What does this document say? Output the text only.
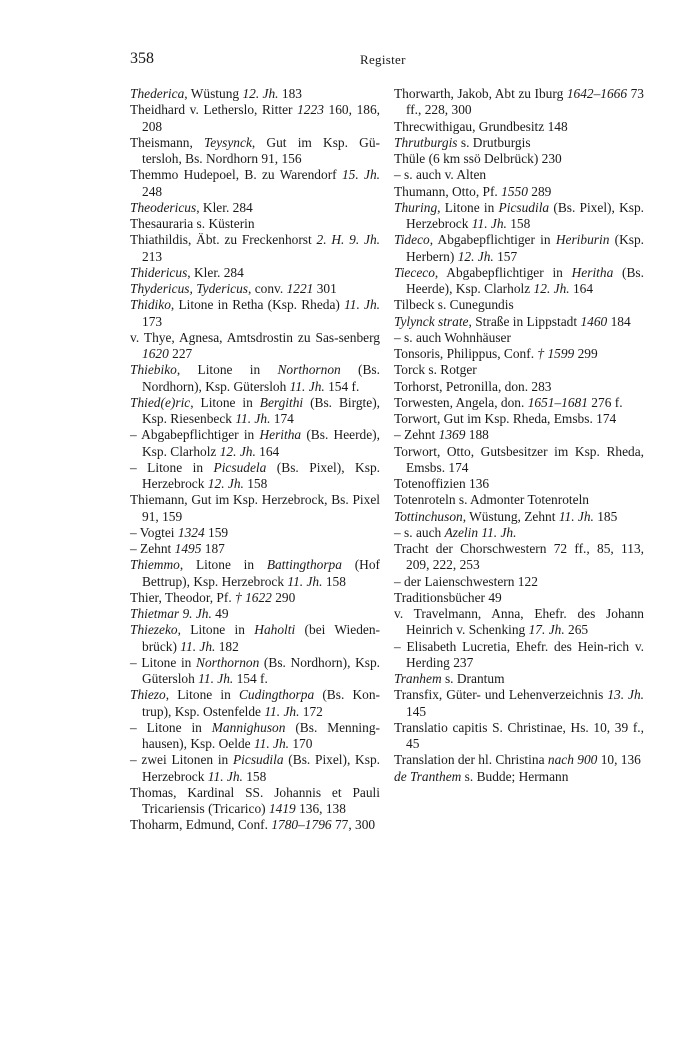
358	Register
Thederica, Wüstung 12. Jh. 183
Theidhard v. Letherslo, Ritter 1223 160, 186, 208
Theismann, Teysynck, Gut im Ksp. Gü-tersloh, Bs. Nordhorn 91, 156
Themmo Hudepoel, B. zu Warendorf 15. Jh. 248
Theodericus, Kler. 284
Thesauraria s. Küsterin
Thiathildis, Äbt. zu Freckenhorst 2. H. 9. Jh. 213
Thidericus, Kler. 284
Thydericus, Tydericus, conv. 1221 301
Thidiko, Litone in Retha (Ksp. Rheda) 11. Jh. 173
v. Thye, Agnesa, Amtsdrostin zu Sas-senberg 1620 227
Thiebiko, Litone in Northornon (Bs. Nordhorn), Ksp. Gütersloh 11. Jh. 154 f.
Thied(e)ric, Litone in Bergithi (Bs. Birgte), Ksp. Riesenbeck 11. Jh. 174
– Abgabepflichtiger in Heritha (Bs. Heerde), Ksp. Clarholz 12. Jh. 164
– Litone in Picsudela (Bs. Pixel), Ksp. Herzebrock 12. Jh. 158
Thiemann, Gut im Ksp. Herzebrock, Bs. Pixel 91, 159
– Vogtei 1324 159
– Zehnt 1495 187
Thiemmo, Litone in Battingthorpa (Hof Bettrup), Ksp. Herzebrock 11. Jh. 158
Thier, Theodor, Pf. † 1622 290
Thietmar 9. Jh. 49
Thiezeko, Litone in Haholti (bei Wieden-brück) 11. Jh. 182
– Litone in Northornon (Bs. Nordhorn), Ksp. Gütersloh 11. Jh. 154 f.
Thiezo, Litone in Cudingthorpa (Bs. Kon-trup), Ksp. Ostenfelde 11. Jh. 172
– Litone in Mannighuson (Bs. Menning-hausen), Ksp. Oelde 11. Jh. 170
– zwei Litonen in Picsudila (Bs. Pixel), Ksp. Herzebrock 11. Jh. 158
Thomas, Kardinal SS. Johannis et Pauli Tricariensis (Tricarico) 1419 136, 138
Thoharm, Edmund, Conf. 1780–1796 77, 300
Thorwarth, Jakob, Abt zu Iburg 1642–1666 73 ff., 228, 300
Threcwithigau, Grundbesitz 148
Thrutburgis s. Drutburgis
Thüle (6 km ssö Delbrück) 230
– s. auch v. Alten
Thumann, Otto, Pf. 1550 289
Thuring, Litone in Picsudila (Bs. Pixel), Ksp. Herzebrock 11. Jh. 158
Tideco, Abgabepflichtiger in Heriburin (Ksp. Herbern) 12. Jh. 157
Tiececo, Abgabepflichtiger in Heritha (Bs. Heerde), Ksp. Clarholz 12. Jh. 164
Tilbeck s. Cunegundis
Tylynck strate, Straße in Lippstadt 1460 184
– s. auch Wohnhäuser
Tonsoris, Philippus, Conf. † 1599 299
Torck s. Rotger
Torhorst, Petronilla, don. 283
Torwesten, Angela, don. 1651–1681 276 f.
Torwort, Gut im Ksp. Rheda, Emsbs. 174
– Zehnt 1369 188
Torwort, Otto, Gutsbesitzer im Ksp. Rheda, Emsbs. 174
Totenoffizien 136
Totenroteln s. Admonter Totenroteln
Tottinchuson, Wüstung, Zehnt 11. Jh. 185
– s. auch Azelin 11. Jh.
Tracht der Chorschwestern 72 ff., 85, 113, 209, 222, 253
– der Laienschwestern 122
Traditionsbücher 49
v. Travelmann, Anna, Ehefr. des Johann Heinrich v. Schenking 17. Jh. 265
– Elisabeth Lucretia, Ehefr. des Hein-rich v. Herding 237
Tranhem s. Drantum
Transfix, Güter- und Lehenverzeichnis 13. Jh. 145
Translatio capitis S. Christinae, Hs. 10, 39 f., 45
Translation der hl. Christina nach 900 10, 136
de Tranthem s. Budde; Hermann
